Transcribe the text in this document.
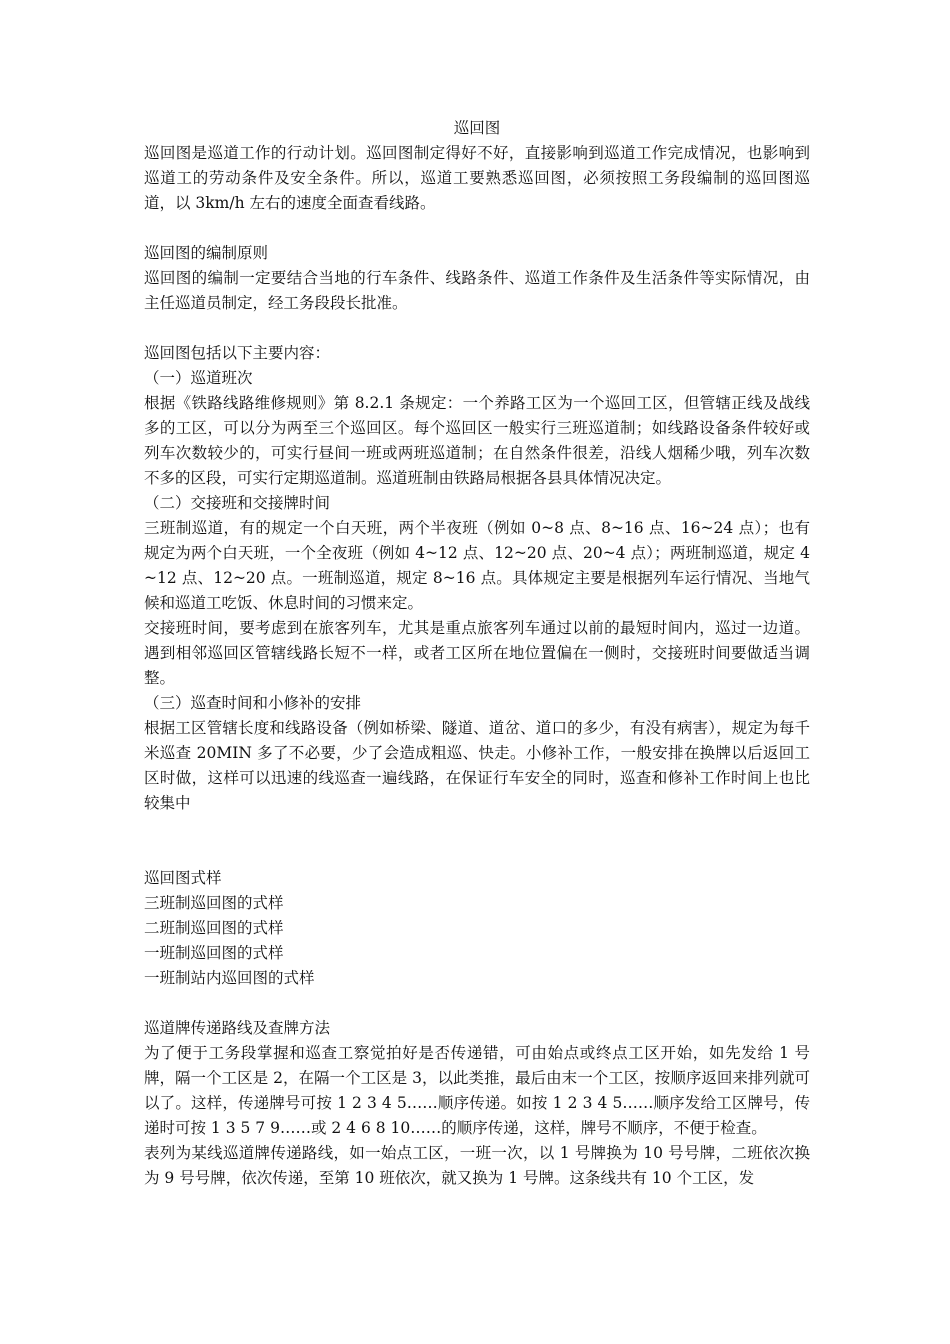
巡回图

巡回图是巡道工作的行动计划。巡回图制定得好不好，直接影响到巡道工作完成情况，也影响到巡道工的劳动条件及安全条件。所以，巡道工要熟悉巡回图，必须按照工务段编制的巡回图巡道，以 3km/h 左右的速度全面查看线路。

巡回图的编制原则

巡回图的编制一定要结合当地的行车条件、线路条件、巡道工作条件及生活条件等实际情况，由主任巡道员制定，经工务段段长批准。

巡回图包括以下主要内容：

（一）巡道班次

根据《铁路线路维修规则》第 8.2.1 条规定：一个养路工区为一个巡回工区，但管辖正线及战线多的工区，可以分为两至三个巡回区。每个巡回区一般实行三班巡道制；如线路设备条件较好或列车次数较少的，可实行昼间一班或两班巡道制；在自然条件很差，沿线人烟稀少哦，列车次数不多的区段，可实行定期巡道制。巡道班制由铁路局根据各县具体情况决定。

（二）交接班和交接牌时间

三班制巡道，有的规定一个白天班，两个半夜班（例如 0~8 点、8~16 点、16~24 点）；也有规定为两个白天班，一个全夜班（例如 4~12 点、12~20 点、20~4 点）；两班制巡道，规定 4~12 点、12~20 点。一班制巡道，规定 8~16 点。具体规定主要是根据列车运行情况、当地气候和巡道工吃饭、休息时间的习惯来定。

交接班时间，要考虑到在旅客列车，尤其是重点旅客列车通过以前的最短时间内，巡过一边道。遇到相邻巡回区管辖线路长短不一样，或者工区所在地位置偏在一侧时，交接班时间要做适当调整。

（三）巡查时间和小修补的安排

根据工区管辖长度和线路设备（例如桥梁、隧道、道岔、道口的多少，有没有病害），规定为每千米巡查 20MIN 多了不必要，少了会造成粗巡、快走。小修补工作，一般安排在换牌以后返回工区时做，这样可以迅速的线巡查一遍线路，在保证行车安全的同时，巡查和修补工作时间上也比较集中

巡回图式样

三班制巡回图的式样

二班制巡回图的式样

一班制巡回图的式样

一班制站内巡回图的式样

巡道牌传递路线及查牌方法

为了便于工务段掌握和巡查工察觉拍好是否传递错，可由始点或终点工区开始，如先发给 1 号牌，隔一个工区是 2，在隔一个工区是 3，以此类推，最后由末一个工区，按顺序返回来排列就可以了。这样，传递牌号可按 1 2 3 4 5……顺序传递。如按 1 2 3 4 5……顺序发给工区牌号，传递时可按 1 3 5 7 9……或 2 4 6 8 10……的顺序传递，这样，牌号不顺序，不便于检查。

表列为某线巡道牌传递路线，如一始点工区，一班一次，以 1 号牌换为 10 号号牌，二班依次换为 9 号号牌，依次传递，至第 10 班依次，就又换为 1 号牌。这条线共有 10 个工区，发
